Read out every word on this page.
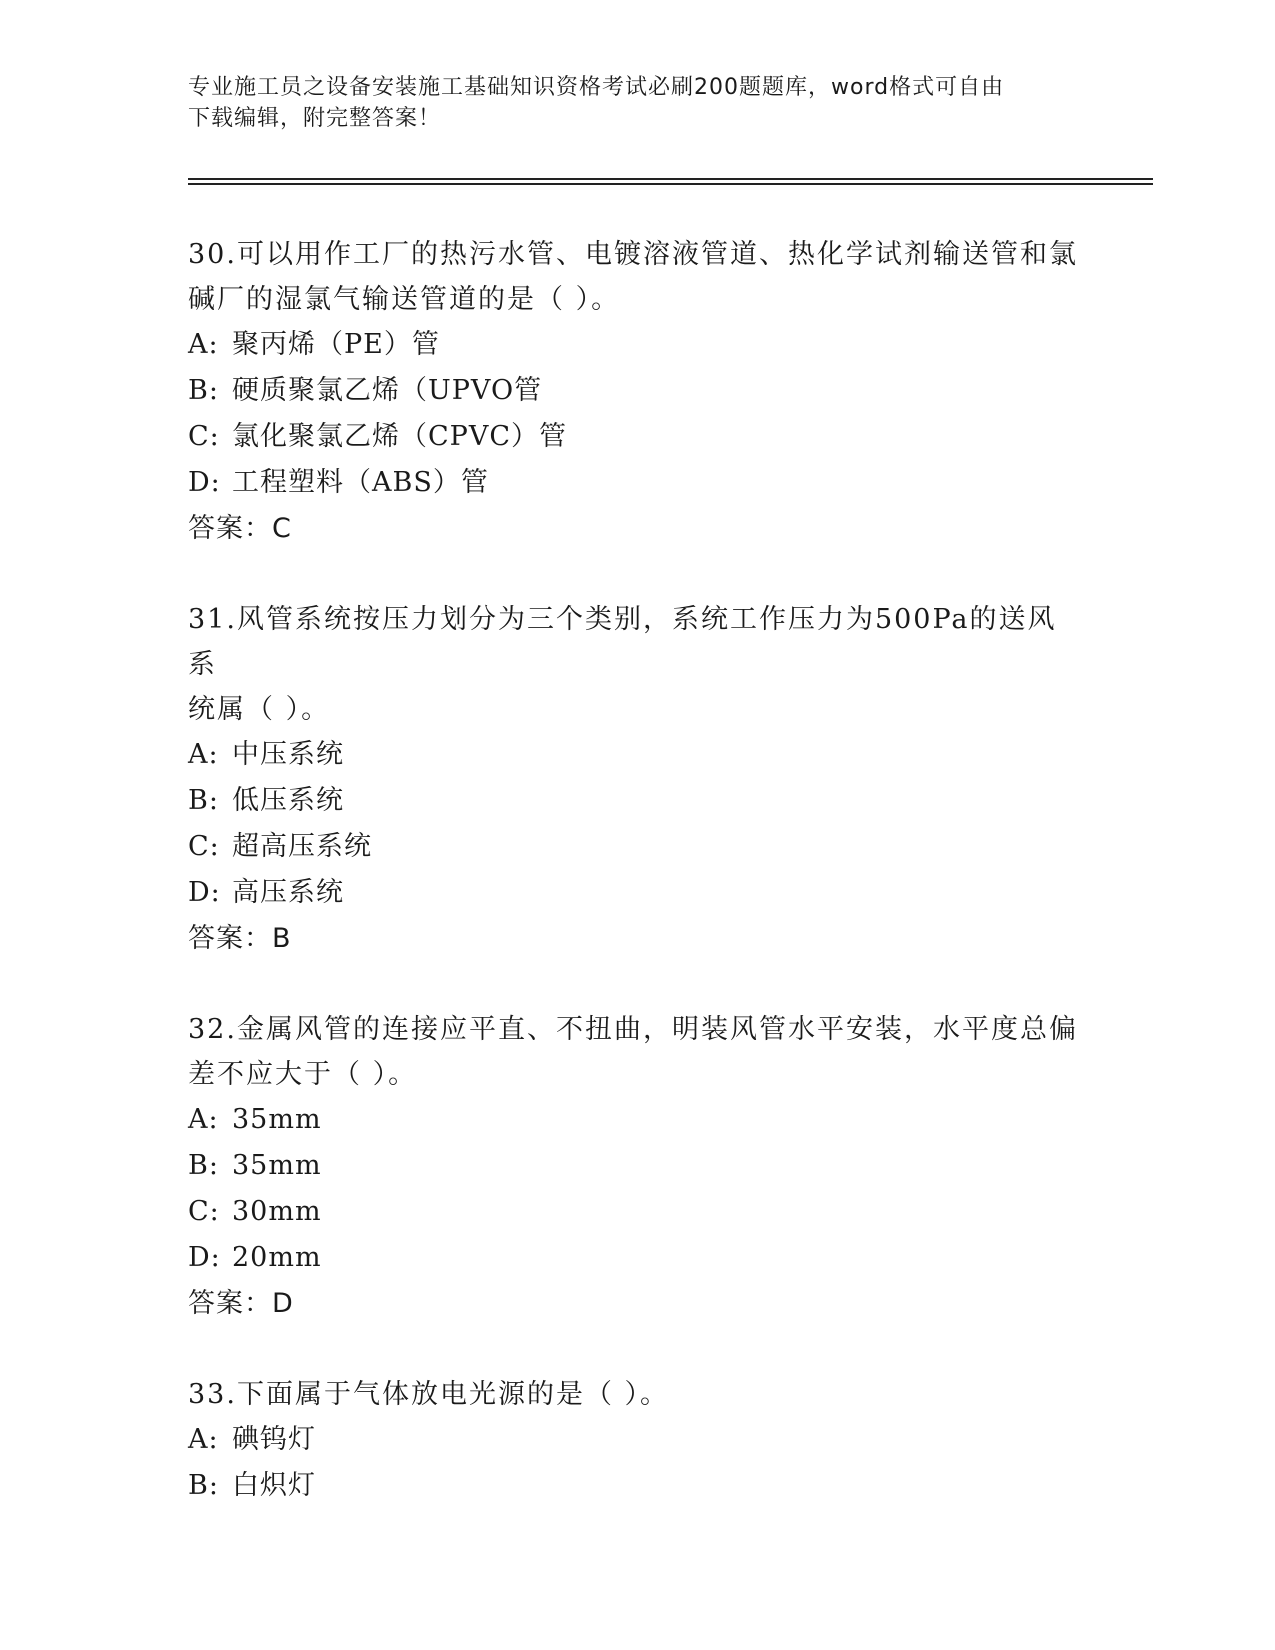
专业施工员之设备安装施工基础知识资格考试必刷200题题库，word格式可自由
下载编辑，附完整答案！

30.可以用作工厂的热污水管、电镀溶液管道、热化学试剂输送管和氯
碱厂的湿氯气输送管道的是（ ）。

A: 聚丙烯（PE）管

B: 硬质聚氯乙烯（UPVO管

C: 氯化聚氯乙烯（CPVC）管

D: 工程塑料（ABS）管

答案：C

31.风管系统按压力划分为三个类别，系统工作压力为500Pa的送风系
统属（ ）。

A: 中压系统

B: 低压系统

C: 超高压系统

D: 高压系统

答案：B

32.金属风管的连接应平直、不扭曲，明装风管水平安装，水平度总偏
差不应大于（ ）。

A: 35mm

B: 35mm

C: 30mm

D: 20mm

答案：D

33.下面属于气体放电光源的是（ ）。

A: 碘钨灯

B: 白炽灯
